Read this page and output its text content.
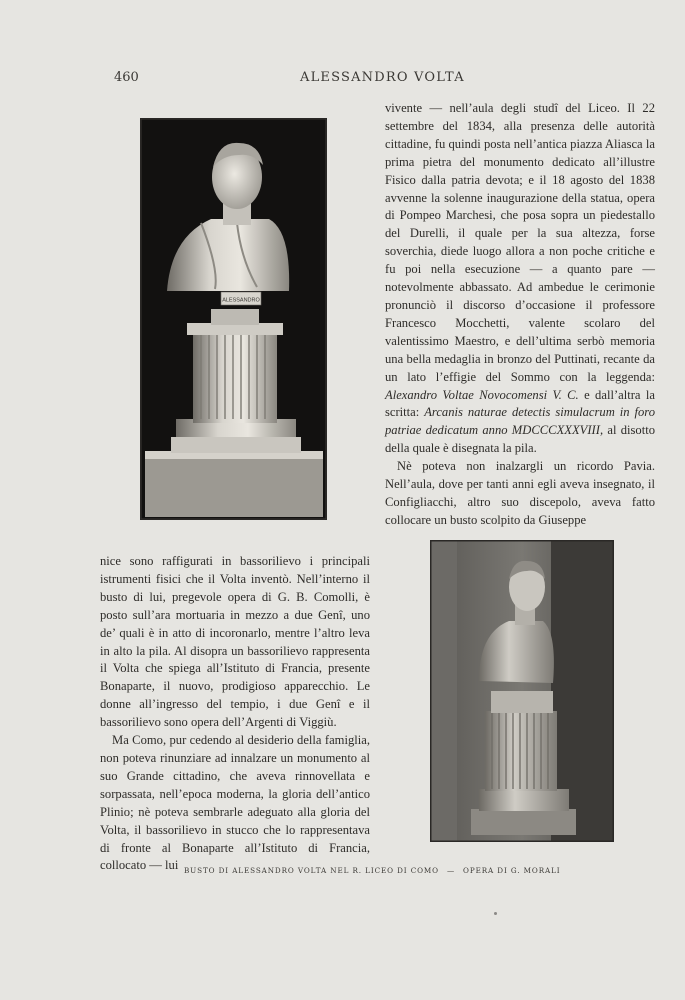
460	ALESSANDRO VOLTA
ALESSANDRO

vivente — nell’aula degli studî del Liceo. Il 22 settembre del 1834, alla presenza delle autorità cittadine, fu quindi posta nell’antica piazza Aliasca la prima pietra del monumento dedicato all’illustre Fisico dalla patria devota; e il 18 agosto del 1838 avvenne la solenne inaugurazione della statua, opera di Pompeo Marchesi, che posa sopra un piedestallo del Durelli, il quale per la sua altezza, forse soverchia, diede luogo allora a non poche critiche e fu poi nella esecuzione — a quanto pare — notevolmente abbassato. Ad ambedue le cerimonie pronunciò il discorso d’occasione il professore Francesco Mocchetti, valente scolaro del valentissimo Maestro, e dell’ultima serbò memoria una bella medaglia in bronzo del Puttinati, recante da un lato l’effigie del Sommo con la leggenda: Alexandro Voltae Novocomensi V. C. e dall’altra la scritta: Arcanis naturae detectis simulacrum in foro patriae dedicatum anno MDCCCXXXVIII, al disotto della quale è disegnata la pila.

Nè poteva non inalzargli un ricordo Pavia. Nell’aula, dove per tanti anni egli aveva insegnato, il Configliacchi, altro suo discepolo, aveva fatto collocare un busto scolpito da Giuseppe

nice sono raffigurati in bassorilievo i principali istrumenti fisici che il Volta inventò. Nell’interno il busto di lui, pregevole opera di G. B. Comolli, è posto sull’ara mortuaria in mezzo a due Genî, uno de’ quali è in atto di incoronarlo, mentre l’altro leva in alto la pila. Al disopra un bassorilievo rappresenta il Volta che spiega all’Istituto di Francia, presente Bonaparte, il nuovo, prodigioso apparecchio. Le donne all’ingresso del tempio, i due Genî e il bassorilievo sono opera dell’Argenti di Viggiù.

Ma Como, pur cedendo al desiderio della famiglia, non poteva rinunziare ad innalzare un monumento al suo Grande cittadino, che aveva rinnovellata e sorpassata, nell’epoca moderna, la gloria dell’antico Plinio; nè poteva sembrarle adeguato alla gloria del Volta, il bassorilievo in stucco che lo rappresentava di fronte al Bonaparte all’Istituto di Francia, collocato — lui BUSTO DI ALESSANDRO VOLTA NEL R. LICEO DI COMO — OPERA DI G. MORALI
